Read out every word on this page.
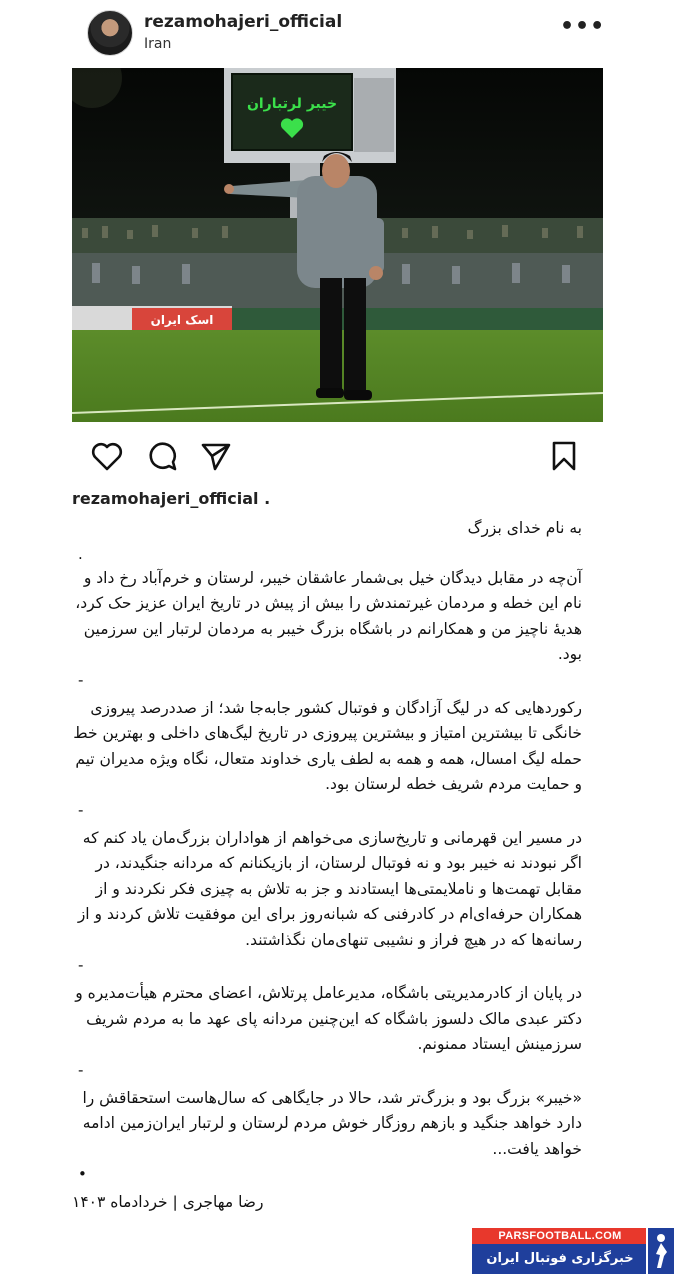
rezamohajeri_official
Iran
•••
خیبر لرتباران
اسک ایران
rezamohajeri_official .

به نام خدای بزرگ

.

آن‌چه در مقابل دیدگان خیل بی‌شمار عاشقان خیبر، لرستان و خرم‌آباد رخ داد و نام این خطه و مردمان غیرتمندش را بیش از پیش در تاریخ ایران عزیز حک کرد، هدیهٔ ناچیز من و همکارانم در باشگاه بزرگ خیبر به مردمان لرتبار این سرزمین بود.

-

رکوردهایی که در لیگ آزادگان و فوتبال کشور جابه‌جا شد؛ از صددرصد پیروزی خانگی تا بیشترین امتیاز و بیشترین پیروزی در تاریخ لیگ‌های داخلی و بهترین خط حمله لیگ امسال، همه و همه به لطف یاری خداوند متعال، نگاه ویژه مدیران تیم و حمایت مردم شریف خطه لرستان بود.

-

در مسیر این قهرمانی و تاریخ‌سازی می‌خواهم از هواداران بزرگ‌مان یاد کنم که اگر نبودند نه خیبر بود و نه فوتبال لرستان، از بازیکنانم که مردانه جنگیدند، در مقابل تهمت‌ها و ناملایمتی‌ها ایستادند و جز به تلاش به چیزی فکر نکردند و از همکاران حرفه‌ای‌ام در کادرفنی که شبانه‌روز برای این موفقیت تلاش کردند و از رسانه‌ها که در هیچ فراز و نشیبی تنهای‌مان نگذاشتند.

-

در پایان از کادرمدیریتی باشگاه، مدیرعامل پرتلاش، اعضای محترم هیأت‌مدیره و دکتر عبدی مالک دلسوز باشگاه که این‌چنین مردانه پای عهد ما به مردم شریف سرزمینش ایستاد ممنونم.

-

«خیبر» بزرگ بود و بزرگ‌تر شد، حالا در جایگاهی که سال‌هاست استحقاقش را دارد خواهد جنگید و بازهم روزگار خوش مردم لرستان و لرتبار ایران‌زمین ادامه خواهد یافت...

•

رضا مهاجری | خردادماه ۱۴۰۳

PARSFOOTBALL.COM
خبرگزاری فوتبال ایران
